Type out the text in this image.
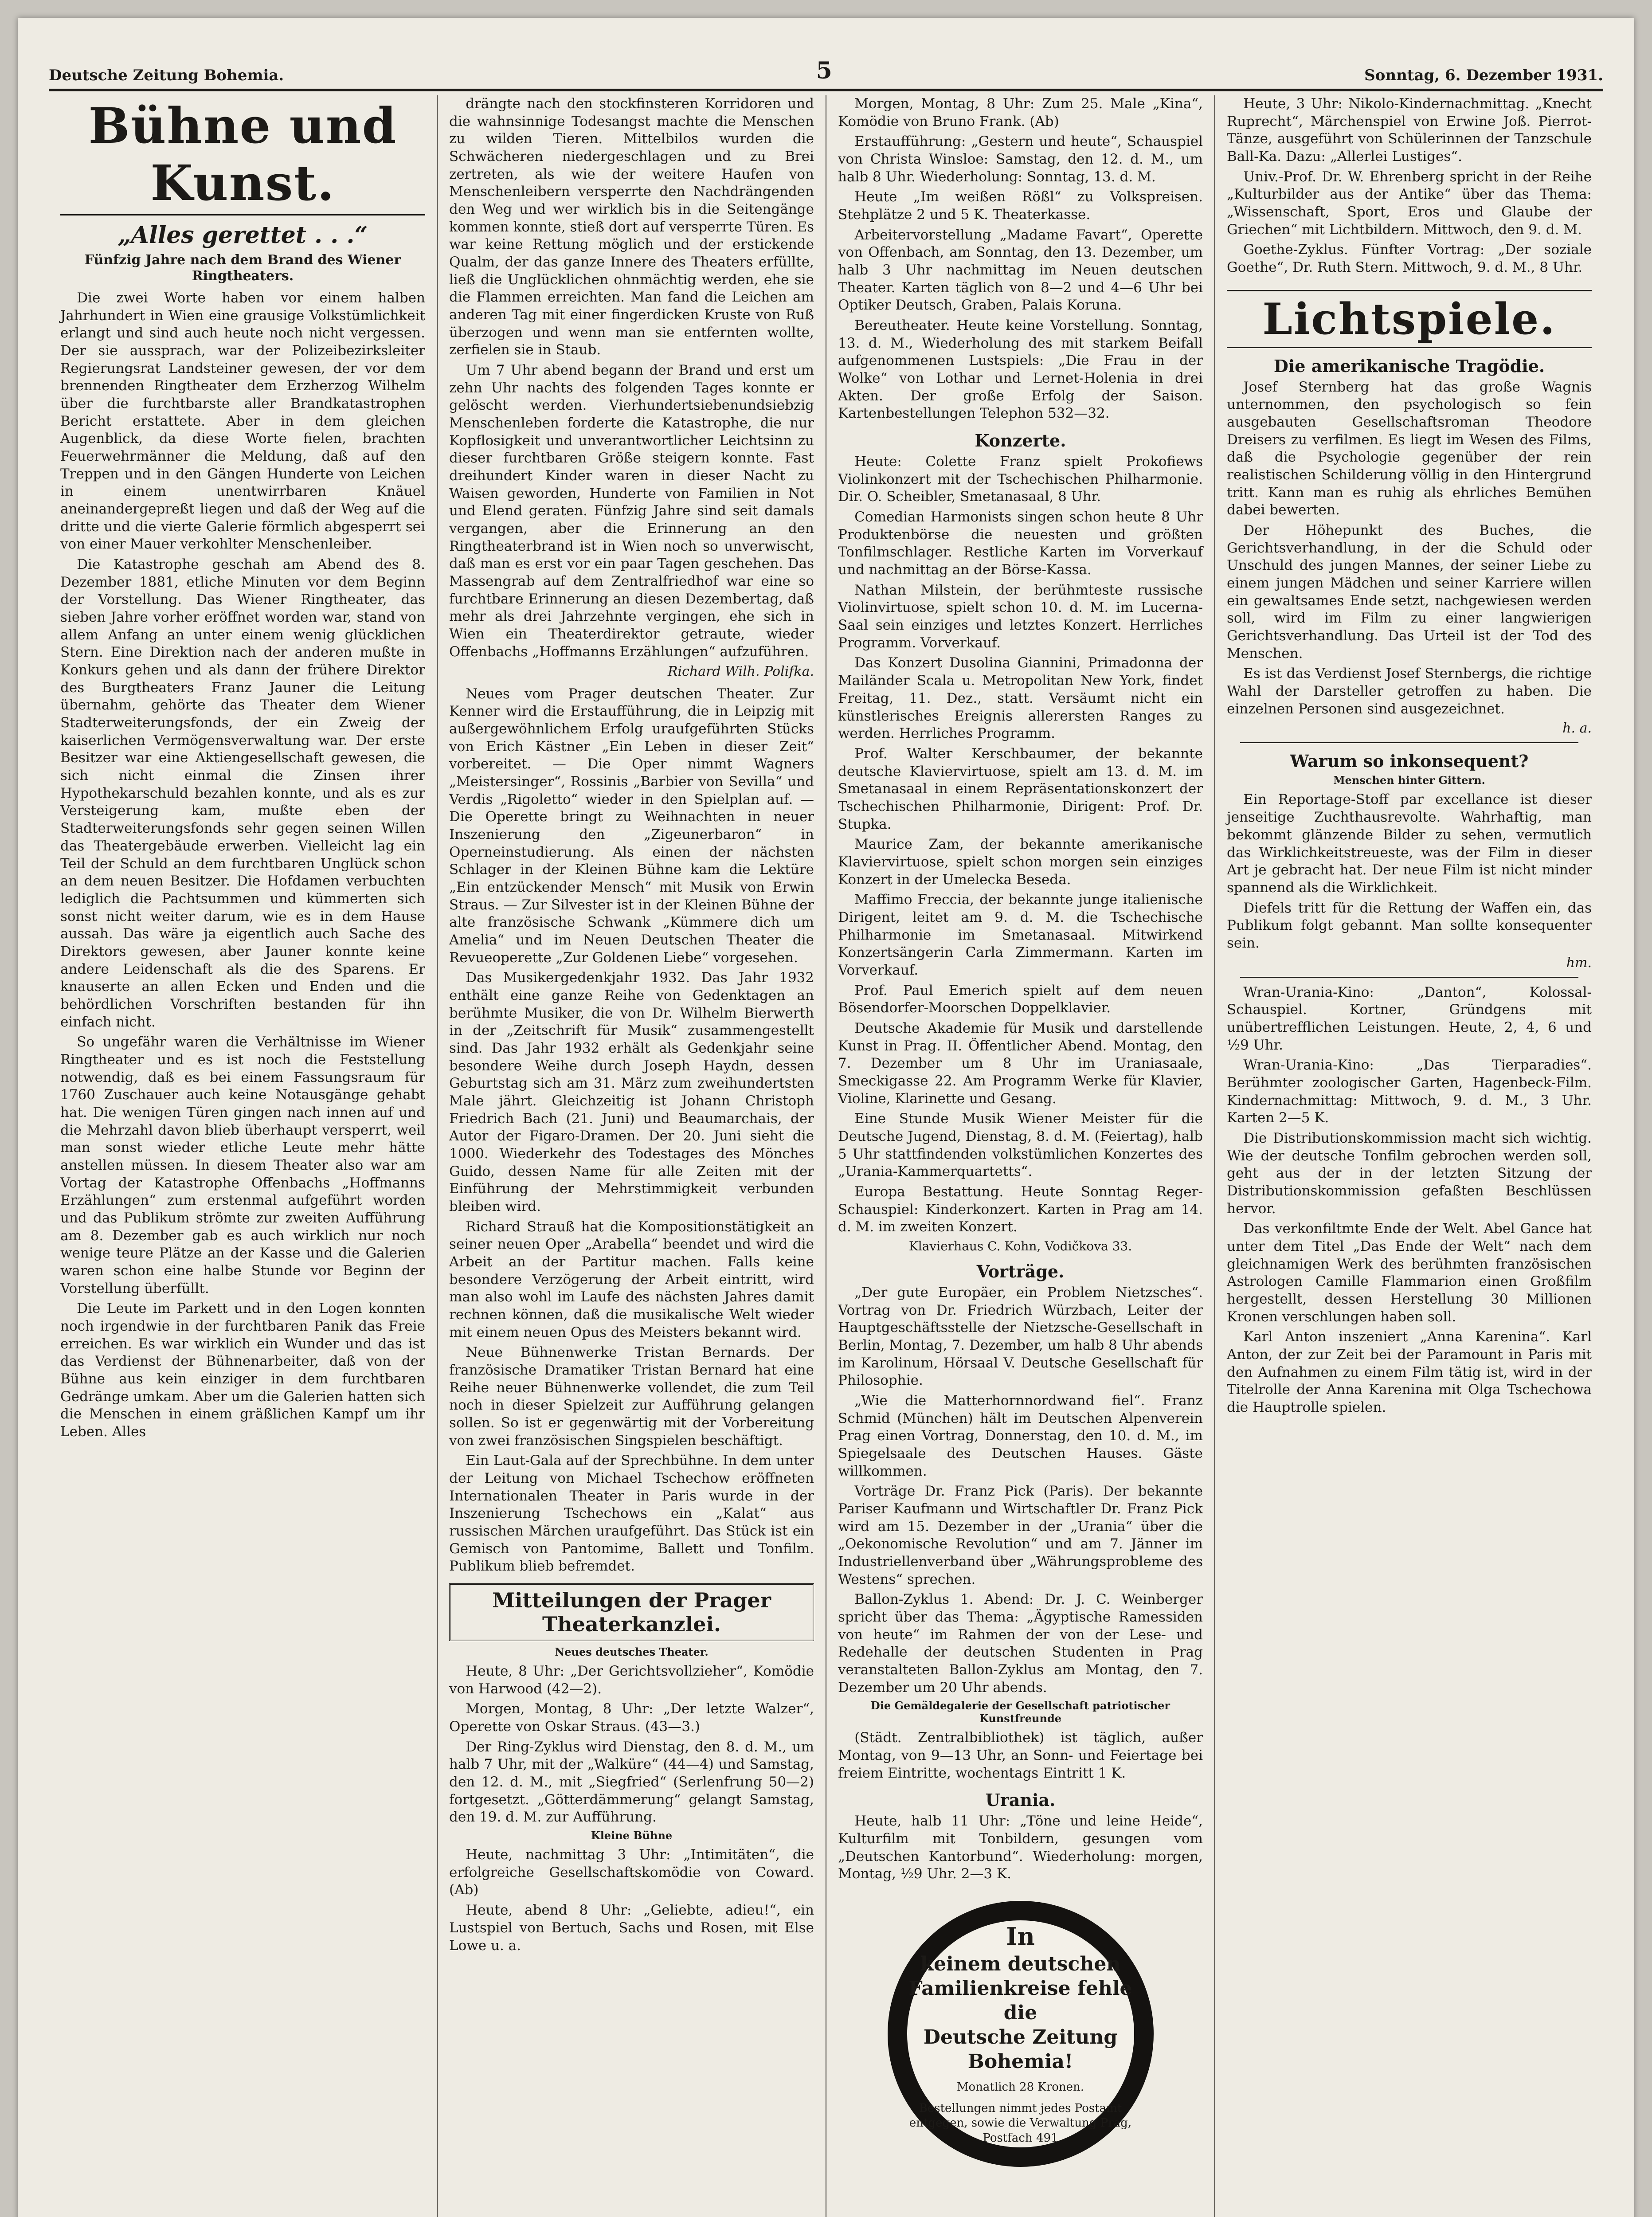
Deutsche Zeitung Bohemia.	5	Sonntag, 6. Dezember 1931.
Bühne und Kunst.
„Alles gerettet . . .“
Fünfzig Jahre nach dem Brand des Wiener Ringtheaters.

Die zwei Worte haben vor einem halben Jahrhundert in Wien eine grausige Volkstümlichkeit erlangt und sind auch heute noch nicht vergessen. Der sie aussprach, war der Polizeibezirksleiter Regierungsrat Landsteiner gewesen, der vor dem brennenden Ringtheater dem Erzherzog Wilhelm über die furchtbarste aller Brandkatastrophen Bericht erstattete. Aber in dem gleichen Augenblick, da diese Worte fielen, brachten Feuerwehrmänner die Meldung, daß auf den Treppen und in den Gängen Hunderte von Leichen in einem unentwirrbaren Knäuel aneinandergepreßt liegen und daß der Weg auf die dritte und die vierte Galerie förmlich abgesperrt sei von einer Mauer verkohlter Menschenleiber.

Die Katastrophe geschah am Abend des 8. Dezember 1881, etliche Minuten vor dem Beginn der Vorstellung. Das Wiener Ringtheater, das sieben Jahre vorher eröffnet worden war, stand von allem Anfang an unter einem wenig glücklichen Stern. Eine Direktion nach der anderen mußte in Konkurs gehen und als dann der frühere Direktor des Burgtheaters Franz Jauner die Leitung übernahm, gehörte das Theater dem Wiener Stadterweiterungsfonds, der ein Zweig der kaiserlichen Vermögensverwaltung war. Der erste Besitzer war eine Aktiengesellschaft gewesen, die sich nicht einmal die Zinsen ihrer Hypothekarschuld bezahlen konnte, und als es zur Versteigerung kam, mußte eben der Stadterweiterungsfonds sehr gegen seinen Willen das Theatergebäude erwerben. Vielleicht lag ein Teil der Schuld an dem furchtbaren Unglück schon an dem neuen Besitzer. Die Hofdamen verbuchten lediglich die Pachtsummen und kümmerten sich sonst nicht weiter darum, wie es in dem Hause aussah. Das wäre ja eigentlich auch Sache des Direktors gewesen, aber Jauner konnte keine andere Leidenschaft als die des Sparens. Er knauserte an allen Ecken und Enden und die behördlichen Vorschriften bestanden für ihn einfach nicht.

So ungefähr waren die Verhältnisse im Wiener Ringtheater und es ist noch die Feststellung notwendig, daß es bei einem Fassungsraum für 1760 Zuschauer auch keine Notausgänge gehabt hat. Die wenigen Türen gingen nach innen auf und die Mehrzahl davon blieb überhaupt versperrt, weil man sonst wieder etliche Leute mehr hätte anstellen müssen. In diesem Theater also war am Vortag der Katastrophe Offenbachs „Hoffmanns Erzählungen“ zum erstenmal aufgeführt worden und das Publikum strömte zur zweiten Aufführung am 8. Dezember gab es auch wirklich nur noch wenige teure Plätze an der Kasse und die Galerien waren schon eine halbe Stunde vor Beginn der Vorstellung überfüllt.

Die Leute im Parkett und in den Logen konnten noch irgendwie in der furchtbaren Panik das Freie erreichen. Es war wirklich ein Wunder und das ist das Verdienst der Bühnenarbeiter, daß von der Bühne aus kein einziger in dem furchtbaren Gedränge umkam. Aber um die Galerien hatten sich die Menschen in einem gräßlichen Kampf um ihr Leben. Alles

drängte nach den stockfinsteren Korridoren und die wahnsinnige Todesangst machte die Menschen zu wilden Tieren. Mittelbilos wurden die Schwächeren niedergeschlagen und zu Brei zertreten, als wie der weitere Haufen von Menschenleibern versperrte den Nachdrängenden den Weg und wer wirklich bis in die Seitengänge kommen konnte, stieß dort auf versperrte Türen. Es war keine Rettung möglich und der erstickende Qualm, der das ganze Innere des Theaters erfüllte, ließ die Unglücklichen ohnmächtig werden, ehe sie die Flammen erreichten. Man fand die Leichen am anderen Tag mit einer fingerdicken Kruste von Ruß überzogen und wenn man sie entfernten wollte, zerfielen sie in Staub.

Um 7 Uhr abend begann der Brand und erst um zehn Uhr nachts des folgenden Tages konnte er gelöscht werden. Vierhundertsiebenundsiebzig Menschenleben forderte die Katastrophe, die nur Kopflosigkeit und unverantwortlicher Leichtsinn zu dieser furchtbaren Größe steigern konnte. Fast dreihundert Kinder waren in dieser Nacht zu Waisen geworden, Hunderte von Familien in Not und Elend geraten. Fünfzig Jahre sind seit damals vergangen, aber die Erinnerung an den Ringtheaterbrand ist in Wien noch so unverwischt, daß man es erst vor ein paar Tagen geschehen. Das Massengrab auf dem Zentralfriedhof war eine so furchtbare Erinnerung an diesen Dezembertag, daß mehr als drei Jahrzehnte vergingen, ehe sich in Wien ein Theaterdirektor getraute, wieder Offenbachs „Hoffmanns Erzählungen“ aufzuführen.

Richard Wilh. Polifka.

Neues vom Prager deutschen Theater. Zur Kenner wird die Erstaufführung, die in Leipzig mit außergewöhnlichem Erfolg uraufgeführten Stücks von Erich Kästner „Ein Leben in dieser Zeit“ vorbereitet. — Die Oper nimmt Wagners „Meistersinger“, Rossinis „Barbier von Sevilla“ und Verdis „Rigoletto“ wieder in den Spielplan auf. — Die Operette bringt zu Weihnachten in neuer Inszenierung den „Zigeunerbaron“ in Operneinstudierung. Als einen der nächsten Schlager in der Kleinen Bühne kam die Lektüre „Ein entzückender Mensch“ mit Musik von Erwin Straus. — Zur Silvester ist in der Kleinen Bühne der alte französische Schwank „Kümmere dich um Amelia“ und im Neuen Deutschen Theater die Revueoperette „Zur Goldenen Liebe“ vorgesehen.

Das Musikergedenkjahr 1932. Das Jahr 1932 enthält eine ganze Reihe von Gedenktagen an berühmte Musiker, die von Dr. Wilhelm Bierwerth in der „Zeitschrift für Musik“ zusammengestellt sind. Das Jahr 1932 erhält als Gedenkjahr seine besondere Weihe durch Joseph Haydn, dessen Geburtstag sich am 31. März zum zweihundertsten Male jährt. Gleichzeitig ist Johann Christoph Friedrich Bach (21. Juni) und Beaumarchais, der Autor der Figaro-Dramen. Der 20. Juni sieht die 1000. Wiederkehr des Todestages des Mönches Guido, dessen Name für alle Zeiten mit der Einführung der Mehrstimmigkeit verbunden bleiben wird.

Richard Strauß hat die Kompositionstätigkeit an seiner neuen Oper „Arabella“ beendet und wird die Arbeit an der Partitur machen. Falls keine besondere Verzögerung der Arbeit eintritt, wird man also wohl im Laufe des nächsten Jahres damit rechnen können, daß die musikalische Welt wieder mit einem neuen Opus des Meisters bekannt wird.

Neue Bühnenwerke Tristan Bernards. Der französische Dramatiker Tristan Bernard hat eine Reihe neuer Bühnenwerke vollendet, die zum Teil noch in dieser Spielzeit zur Aufführung gelangen sollen. So ist er gegenwärtig mit der Vorbereitung von zwei französischen Singspielen beschäftigt.

Ein Laut-Gala auf der Sprechbühne. In dem unter der Leitung von Michael Tschechow eröffneten Internationalen Theater in Paris wurde in der Inszenierung Tschechows ein „Kalat“ aus russischen Märchen uraufgeführt. Das Stück ist ein Gemisch von Pantomime, Ballett und Tonfilm. Publikum blieb befremdet.

Mitteilungen der Prager Theaterkanzlei.
Neues deutsches Theater.

Heute, 8 Uhr: „Der Gerichtsvollzieher“, Komödie von Harwood (42—2).

Morgen, Montag, 8 Uhr: „Der letzte Walzer“, Operette von Oskar Straus. (43—3.)

Der Ring-Zyklus wird Dienstag, den 8. d. M., um halb 7 Uhr, mit der „Walküre“ (44—4) und Samstag, den 12. d. M., mit „Siegfried“ (Serlenfrung 50—2) fortgesetzt. „Götterdämmerung“ gelangt Samstag, den 19. d. M. zur Aufführung.

Kleine Bühne

Heute, nachmittag 3 Uhr: „Intimitäten“, die erfolgreiche Gesellschaftskomödie von Coward. (Ab)

Heute, abend 8 Uhr: „Geliebte, adieu!“, ein Lustspiel von Bertuch, Sachs und Rosen, mit Else Lowe u. a.

Morgen, Montag, 8 Uhr: Zum 25. Male „Kina“, Komödie von Bruno Frank. (Ab)

Erstaufführung: „Gestern und heute“, Schauspiel von Christa Winsloe: Samstag, den 12. d. M., um halb 8 Uhr. Wiederholung: Sonntag, 13. d. M.

Heute „Im weißen Rößl“ zu Volkspreisen. Stehplätze 2 und 5 K. Theaterkasse.

Arbeitervorstellung „Madame Favart“, Operette von Offenbach, am Sonntag, den 13. Dezember, um halb 3 Uhr nachmittag im Neuen deutschen Theater. Karten täglich von 8—2 und 4—6 Uhr bei Optiker Deutsch, Graben, Palais Koruna.

Bereutheater. Heute keine Vorstellung. Sonntag, 13. d. M., Wiederholung des mit starkem Beifall aufgenommenen Lustspiels: „Die Frau in der Wolke“ von Lothar und Lernet-Holenia in drei Akten. Der große Erfolg der Saison. Kartenbestellungen Telephon 532—32.

Konzerte.

Heute: Colette Franz spielt Prokofiews Violinkonzert mit der Tschechischen Philharmonie. Dir. O. Scheibler, Smetanasaal, 8 Uhr.

Comedian Harmonists singen schon heute 8 Uhr Produktenbörse die neuesten und größten Tonfilmschlager. Restliche Karten im Vorverkauf und nachmittag an der Börse-Kassa.

Nathan Milstein, der berühmteste russische Violinvirtuose, spielt schon 10. d. M. im Lucerna-Saal sein einziges und letztes Konzert. Herrliches Programm. Vorverkauf.

Das Konzert Dusolina Giannini, Primadonna der Mailänder Scala u. Metropolitan New York, findet Freitag, 11. Dez., statt. Versäumt nicht ein künstlerisches Ereignis allerersten Ranges zu werden. Herrliches Programm.

Prof. Walter Kerschbaumer, der bekannte deutsche Klaviervirtuose, spielt am 13. d. M. im Smetanasaal in einem Repräsentationskonzert der Tschechischen Philharmonie, Dirigent: Prof. Dr. Stupka.

Maurice Zam, der bekannte amerikanische Klaviervirtuose, spielt schon morgen sein einziges Konzert in der Umelecka Beseda.

Maffimo Freccia, der bekannte junge italienische Dirigent, leitet am 9. d. M. die Tschechische Philharmonie im Smetanasaal. Mitwirkend Konzertsängerin Carla Zimmermann. Karten im Vorverkauf.

Prof. Paul Emerich spielt auf dem neuen Bösendorfer-Moorschen Doppelklavier.

Deutsche Akademie für Musik und darstellende Kunst in Prag. II. Öffentlicher Abend. Montag, den 7. Dezember um 8 Uhr im Uraniasaale, Smeckigasse 22. Am Programm Werke für Klavier, Violine, Klarinette und Gesang.

Eine Stunde Musik Wiener Meister für die Deutsche Jugend, Dienstag, 8. d. M. (Feiertag), halb 5 Uhr stattfindenden volkstümlichen Konzertes des „Urania-Kammerquartetts“.

Europa Bestattung. Heute Sonntag Reger-Schauspiel: Kinderkonzert. Karten in Prag am 14. d. M. im zweiten Konzert.

Klavierhaus C. Kohn, Vodičkova 33.
Vorträge.

„Der gute Europäer, ein Problem Nietzsches“. Vortrag von Dr. Friedrich Würzbach, Leiter der Hauptgeschäftsstelle der Nietzsche-Gesellschaft in Berlin, Montag, 7. Dezember, um halb 8 Uhr abends im Karolinum, Hörsaal V. Deutsche Gesellschaft für Philosophie.

„Wie die Matterhornnordwand fiel“. Franz Schmid (München) hält im Deutschen Alpenverein Prag einen Vortrag, Donnerstag, den 10. d. M., im Spiegelsaale des Deutschen Hauses. Gäste willkommen.

Vorträge Dr. Franz Pick (Paris). Der bekannte Pariser Kaufmann und Wirtschaftler Dr. Franz Pick wird am 15. Dezember in der „Urania“ über die „Oekonomische Revolution“ und am 7. Jänner im Industriellenverband über „Währungsprobleme des Westens“ sprechen.

Ballon-Zyklus 1. Abend: Dr. J. C. Weinberger spricht über das Thema: „Ägyptische Ramessiden von heute“ im Rahmen der von der Lese- und Redehalle der deutschen Studenten in Prag veranstalteten Ballon-Zyklus am Montag, den 7. Dezember um 20 Uhr abends.

Die Gemäldegalerie der Gesellschaft patriotischer Kunstfreunde

(Städt. Zentralbibliothek) ist täglich, außer Montag, von 9—13 Uhr, an Sonn- und Feiertage bei freiem Eintritte, wochentags Eintritt 1 K.

Urania.

Heute, halb 11 Uhr: „Töne und leine Heide“, Kulturfilm mit Tonbildern, gesungen vom „Deutschen Kantorbund“. Wiederholung: morgen, Montag, ½9 Uhr. 2—3 K.

In
keinem deutschen
Familienkreise fehle die
Deutsche Zeitung Bohemia!
Monatlich 28 Kronen.
Bestellungen nimmt jedes Postamt entgegen, sowie die Verwaltung Prag, Postfach 491

Heute, 3 Uhr: Nikolo-Kindernachmittag. „Knecht Ruprecht“, Märchenspiel von Erwine Joß. Pierrot-Tänze, ausgeführt von Schülerinnen der Tanzschule Ball-Ka. Dazu: „Allerlei Lustiges“.

Univ.-Prof. Dr. W. Ehrenberg spricht in der Reihe „Kulturbilder aus der Antike“ über das Thema: „Wissenschaft, Sport, Eros und Glaube der Griechen“ mit Lichtbildern. Mittwoch, den 9. d. M.

Goethe-Zyklus. Fünfter Vortrag: „Der soziale Goethe“, Dr. Ruth Stern. Mittwoch, 9. d. M., 8 Uhr.

Lichtspiele.
Die amerikanische Tragödie.

Josef Sternberg hat das große Wagnis unternommen, den psychologisch so fein ausgebauten Gesellschaftsroman Theodore Dreisers zu verfilmen. Es liegt im Wesen des Films, daß die Psychologie gegenüber der rein realistischen Schilderung völlig in den Hintergrund tritt. Kann man es ruhig als ehrliches Bemühen dabei bewerten.

Der Höhepunkt des Buches, die Gerichtsverhandlung, in der die Schuld oder Unschuld des jungen Mannes, der seiner Liebe zu einem jungen Mädchen und seiner Karriere willen ein gewaltsames Ende setzt, nachgewiesen werden soll, wird im Film zu einer langwierigen Gerichtsverhandlung. Das Urteil ist der Tod des Menschen.

Es ist das Verdienst Josef Sternbergs, die richtige Wahl der Darsteller getroffen zu haben. Die einzelnen Personen sind ausgezeichnet.

h. a.
Warum so inkonsequent?
Menschen hinter Gittern.

Ein Reportage-Stoff par excellance ist dieser jenseitige Zuchthausrevolte. Wahrhaftig, man bekommt glänzende Bilder zu sehen, vermutlich das Wirklichkeitstreueste, was der Film in dieser Art je gebracht hat. Der neue Film ist nicht minder spannend als die Wirklichkeit.

Diefels tritt für die Rettung der Waffen ein, das Publikum folgt gebannt. Man sollte konsequenter sein.

hm.

Wran-Urania-Kino: „Danton“, Kolossal-Schauspiel. Kortner, Gründgens mit unübertrefflichen Leistungen. Heute, 2, 4, 6 und ½9 Uhr.

Wran-Urania-Kino: „Das Tierparadies“. Berühmter zoologischer Garten, Hagenbeck-Film. Kindernachmittag: Mittwoch, 9. d. M., 3 Uhr. Karten 2—5 K.

Die Distributionskommission macht sich wichtig. Wie der deutsche Tonfilm gebrochen werden soll, geht aus der in der letzten Sitzung der Distributionskommission gefaßten Beschlüssen hervor.

Das verkonfiltmte Ende der Welt. Abel Gance hat unter dem Titel „Das Ende der Welt“ nach dem gleichnamigen Werk des berühmten französischen Astrologen Camille Flammarion einen Großfilm hergestellt, dessen Herstellung 30 Millionen Kronen verschlungen haben soll.

Karl Anton inszeniert „Anna Karenina“. Karl Anton, der zur Zeit bei der Paramount in Paris mit den Aufnahmen zu einem Film tätig ist, wird in der Titelrolle der Anna Karenina mit Olga Tschechowa die Hauptrolle spielen.
